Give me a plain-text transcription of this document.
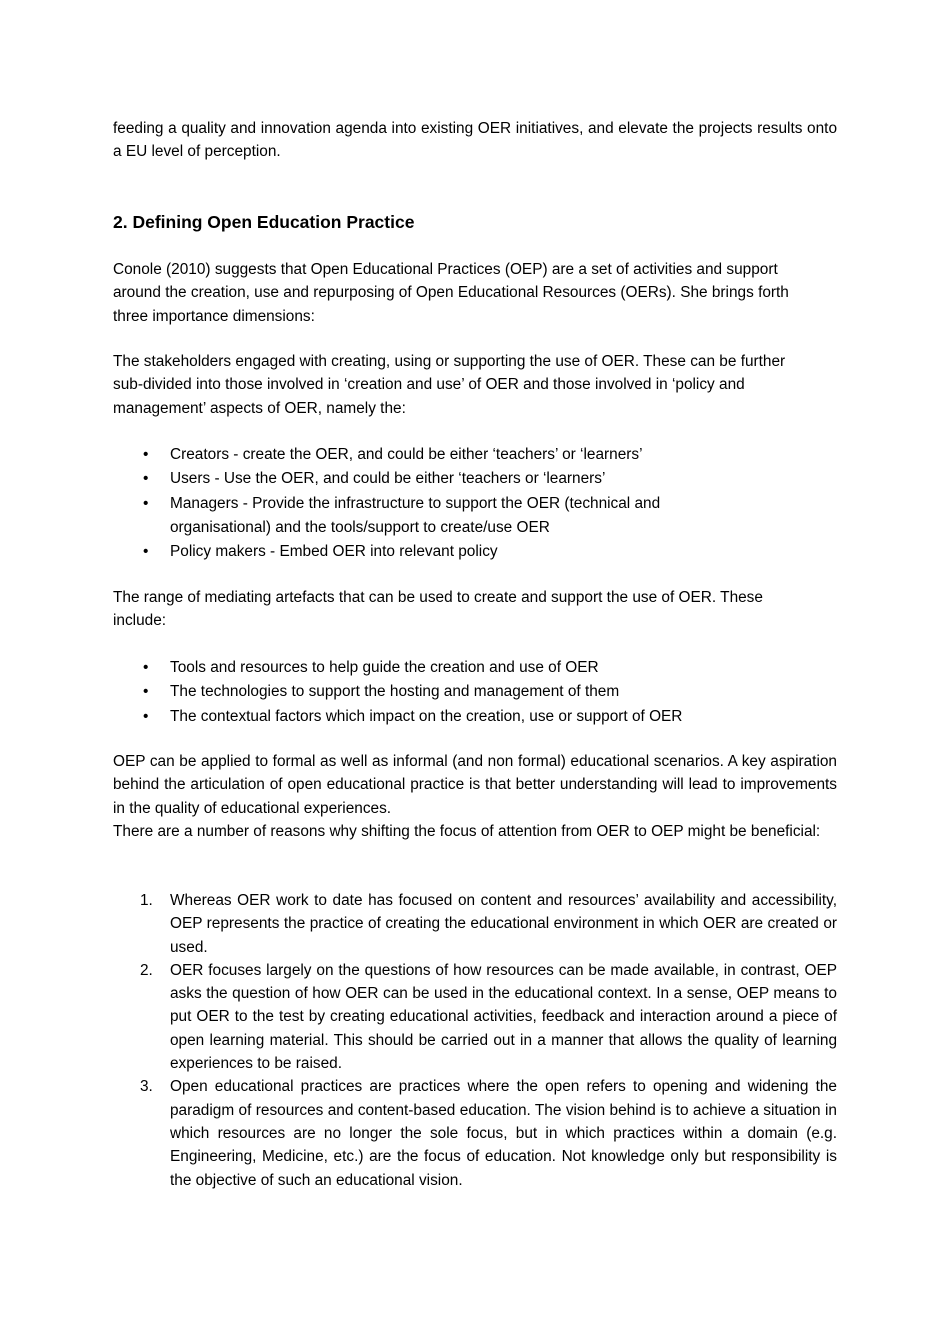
feeding a quality and innovation agenda into existing OER initiatives, and elevate the projects results onto a EU level of perception.

2. Defining Open Education Practice

Conole (2010) suggests that Open Educational Practices (OEP) are a set of activities and support around the creation, use and repurposing of Open Educational Resources (OERs). She brings forth three importance dimensions:

The stakeholders engaged with creating, using or supporting the use of OER. These can be further sub-divided into those involved in ‘creation and use’ of OER and those involved in ‘policy and management’ aspects of OER, namely the:

• Creators - create the OER, and could be either ‘teachers’ or ‘learners’
• Users - Use the OER, and could be either ‘teachers or ‘learners’
• Managers - Provide the infrastructure to support the OER (technical and organisational) and the tools/support to create/use OER
• Policy makers - Embed OER into relevant policy

The range of mediating artefacts that can be used to create and support the use of OER. These include:

• Tools and resources to help guide the creation and use of OER
• The technologies to support the hosting and management of them
• The contextual factors which impact on the creation, use or support of OER

OEP can be applied to formal as well as informal (and non formal) educational scenarios. A key aspiration behind the articulation of open educational practice is that better understanding will lead to improvements in the quality of educational experiences.

There are a number of reasons why shifting the focus of attention from OER to OEP might be beneficial:

1. Whereas OER work to date has focused on content and resources’ availability and accessibility, OEP represents the practice of creating the educational environment in which OER are created or used.
2. OER focuses largely on the questions of how resources can be made available, in contrast, OEP asks the question of how OER can be used in the educational context. In a sense, OEP means to put OER to the test by creating educational activities, feedback and interaction around a piece of open learning material. This should be carried out in a manner that allows the quality of learning experiences to be raised.
3. Open educational practices are practices where the open refers to opening and widening the paradigm of resources and content-based education. The vision behind is to achieve a situation in which resources are no longer the sole focus, but in which practices within a domain (e.g. Engineering, Medicine, etc.) are the focus of education. Not knowledge only but responsibility is the objective of such an educational vision.
